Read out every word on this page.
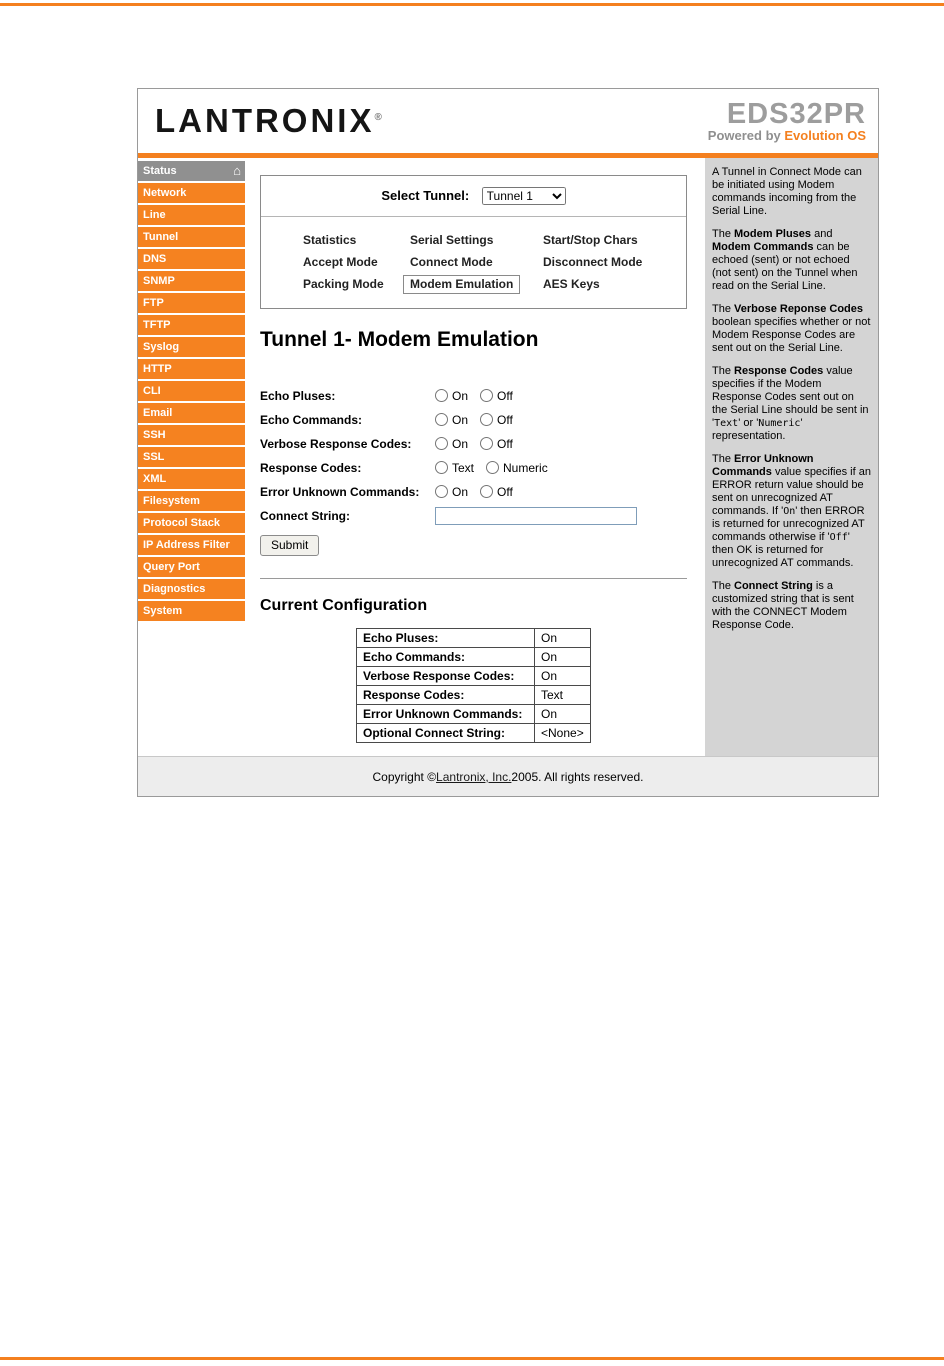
LANTRONIX®	EDS32PR
Powered by Evolution OS
Status	⌂
Network
Line
Tunnel
DNS
SNMP
FTP
TFTP
Syslog
HTTP
CLI
Email
SSH
SSL
XML
Filesystem
Protocol Stack
IP Address Filter
Query Port
Diagnostics
System
Select Tunnel:
Tunnel 1
Statistics	Serial Settings	Start/Stop Chars
Accept Mode	Connect Mode	Disconnect Mode
Packing Mode	Modem Emulation	AES Keys
Tunnel 1- Modem Emulation
Echo Pluses:	On Off
Echo Commands:	On Off
Verbose Response Codes:	On Off
Response Codes:	Text Numeric
Error Unknown Commands:	On Off
Connect String:
Submit
Current Configuration
Echo Pluses:	On
Echo Commands:	On
Verbose Response Codes:	On
Response Codes:	Text
Error Unknown Commands:	On
Optional Connect String:	<None>

A Tunnel in Connect Mode can be initiated using Modem commands incoming from the Serial Line.

The Modem Pluses and Modem Commands can be echoed (sent) or not echoed (not sent) on the Tunnel when read on the Serial Line.

The Verbose Reponse Codes boolean specifies whether or not Modem Response Codes are sent out on the Serial Line.

The Response Codes value specifies if the Modem Response Codes sent out on the Serial Line should be sent in 'Text' or 'Numeric' representation.

The Error Unknown Commands value specifies if an ERROR return value should be sent on unrecognized AT commands. If 'On' then ERROR is returned for unrecognized AT commands otherwise if 'Off' then OK is returned for unrecognized AT commands.

The Connect String is a customized string that is sent with the CONNECT Modem Response Code.

Copyright © Lantronix, Inc. 2005. All rights reserved.
